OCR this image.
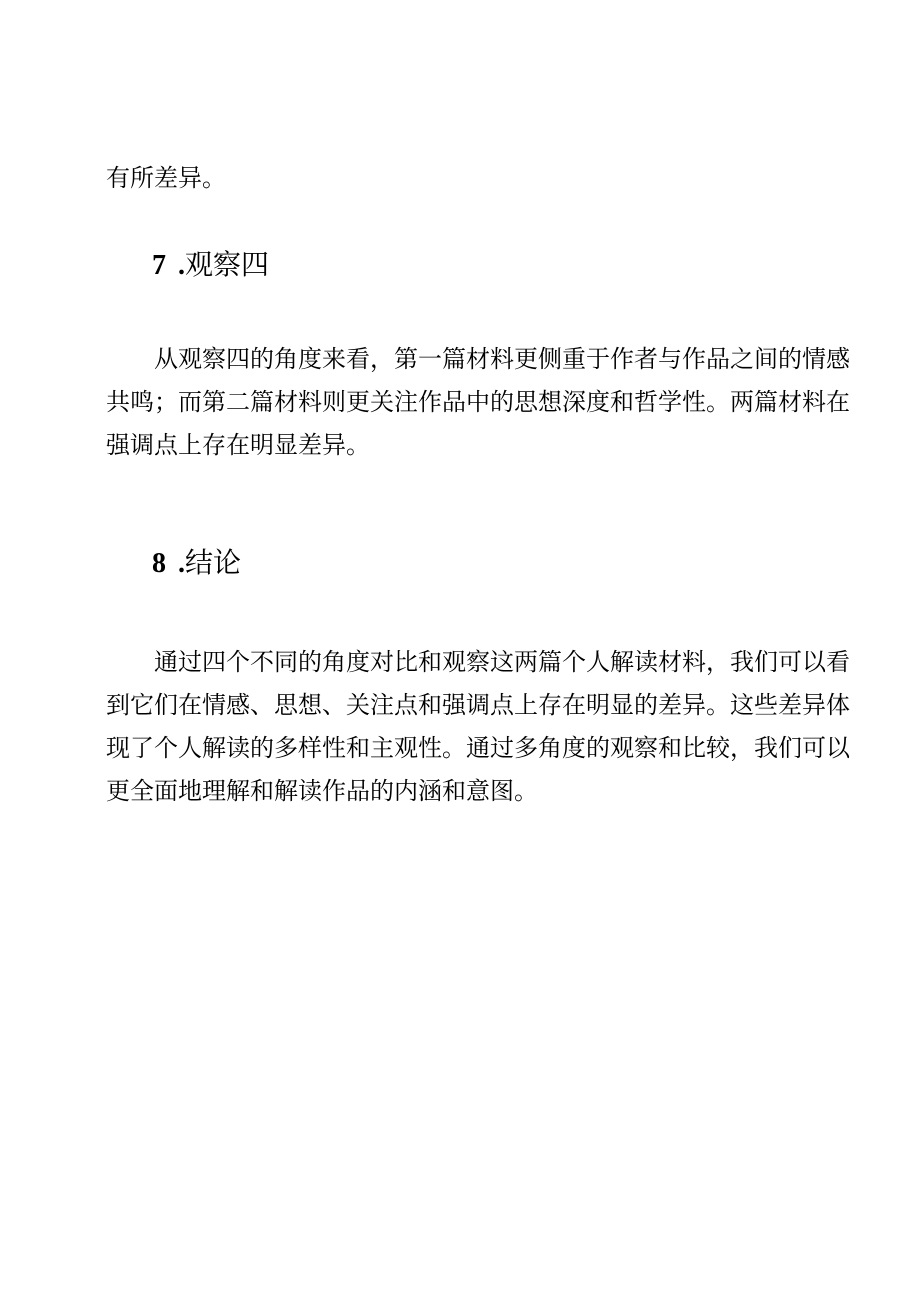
有所差异。

7 .观察四

从观察四的角度来看，第一篇材料更侧重于作者与作品之间的情感
共鸣；而第二篇材料则更关注作品中的思想深度和哲学性。两篇材料在
强调点上存在明显差异。

8 .结论

通过四个不同的角度对比和观察这两篇个人解读材料，我们可以看
到它们在情感、思想、关注点和强调点上存在明显的差异。这些差异体
现了个人解读的多样性和主观性。通过多角度的观察和比较，我们可以
更全面地理解和解读作品的内涵和意图。
